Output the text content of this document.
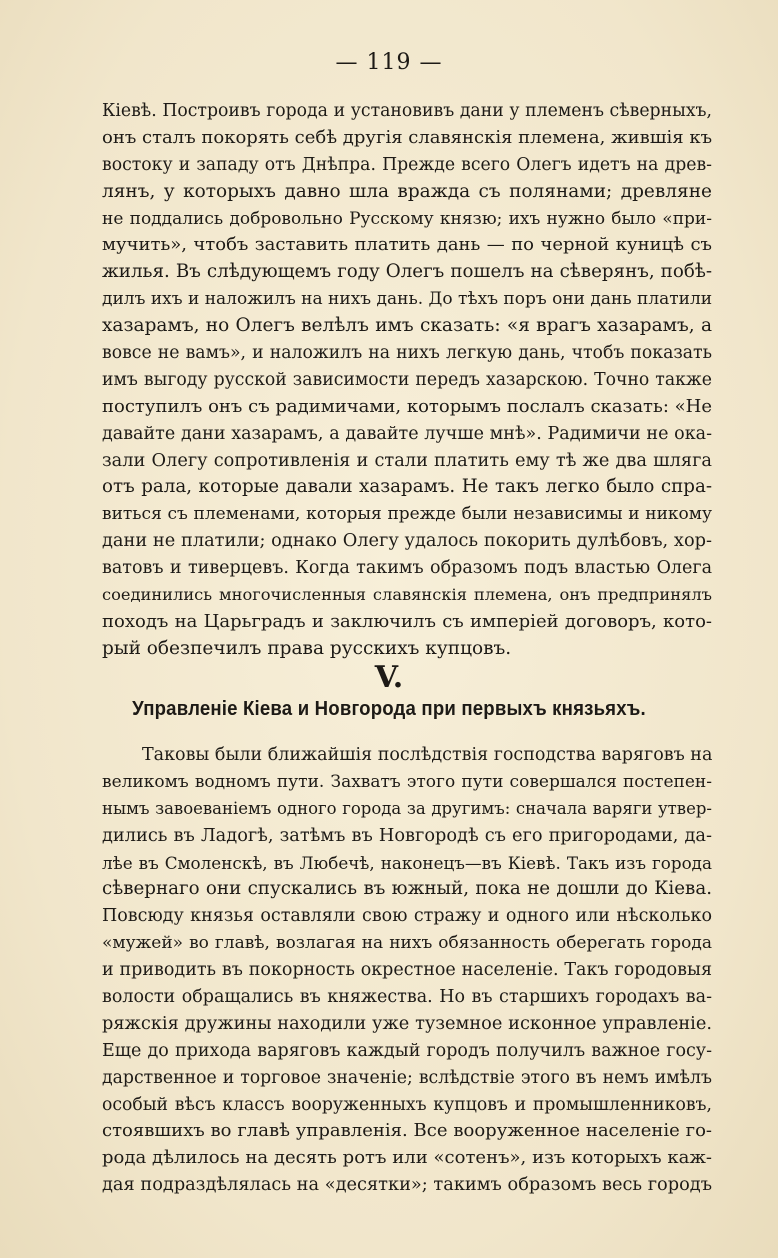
— 119 —
Кіевѣ. Построивъ города и установивъ дани у племенъ сѣверныхъ,
онъ сталъ покорять себѣ другія славянскія племена, жившія къ
востоку и западу отъ Днѣпра. Прежде всего Олегъ идетъ на древ-
лянъ, у которыхъ давно шла вражда съ полянами; древляне
не поддались добровольно Русскому князю; ихъ нужно было «при-
мучить», чтобъ заставить платить дань — по черной куницѣ съ
жилья. Въ слѣдующемъ году Олегъ пошелъ на сѣверянъ, побѣ-
дилъ ихъ и наложилъ на нихъ дань. До тѣхъ поръ они дань платили
хазарамъ, но Олегъ велѣлъ имъ сказать: «я врагъ хазарамъ, а
вовсе не вамъ», и наложилъ на нихъ легкую дань, чтобъ показать
имъ выгоду русской зависимости передъ хазарскою. Точно также
поступилъ онъ съ радимичами, которымъ послалъ сказать: «Не
давайте дани хазарамъ, а давайте лучше мнѣ». Радимичи не ока-
зали Олегу сопротивленія и стали платить ему тѣ же два шляга
отъ рала, которые давали хазарамъ. Не такъ легко было спра-
виться съ племенами, которыя прежде были независимы и никому
дани не платили; однако Олегу удалось покорить дулѣбовъ, хор-
ватовъ и тиверцевъ. Когда такимъ образомъ подъ властью Олега
соединились многочисленныя славянскія племена, онъ предпринялъ
походъ на Царьградъ и заключилъ съ имперіей договоръ, кото-
рый обезпечилъ права русскихъ купцовъ.
V.
Управленіе Кіева и Новгорода при первыхъ князьяхъ.
Таковы были ближайшія послѣдствія господства варяговъ на
великомъ водномъ пути. Захватъ этого пути совершался постепен-
нымъ завоеваніемъ одного города за другимъ: сначала варяги утвер-
дились въ Ладогѣ, затѣмъ въ Новгородѣ съ его пригородами, да-
лѣе въ Смоленскѣ, въ Любечѣ, наконецъ—въ Кіевѣ. Такъ изъ города
сѣвернаго они спускались въ южный, пока не дошли до Кіева.
Повсюду князья оставляли свою стражу и одного или нѣсколько
«мужей» во главѣ, возлагая на нихъ обязанность оберегать города
и приводить въ покорность окрестное населеніе. Такъ городовыя
волости обращались въ княжества. Но въ старшихъ городахъ ва-
ряжскія дружины находили уже туземное исконное управленіе.
Еще до прихода варяговъ каждый городъ получилъ важное госу-
дарственное и торговое значеніе; вслѣдствіе этого въ немъ имѣлъ
особый вѣсъ классъ вооруженныхъ купцовъ и промышленниковъ,
стоявшихъ во главѣ управленія. Все вооруженное населеніе го-
рода дѣлилось на десять ротъ или «сотенъ», изъ которыхъ каж-
дая подраздѣлялась на «десятки»; такимъ образомъ весь городъ
